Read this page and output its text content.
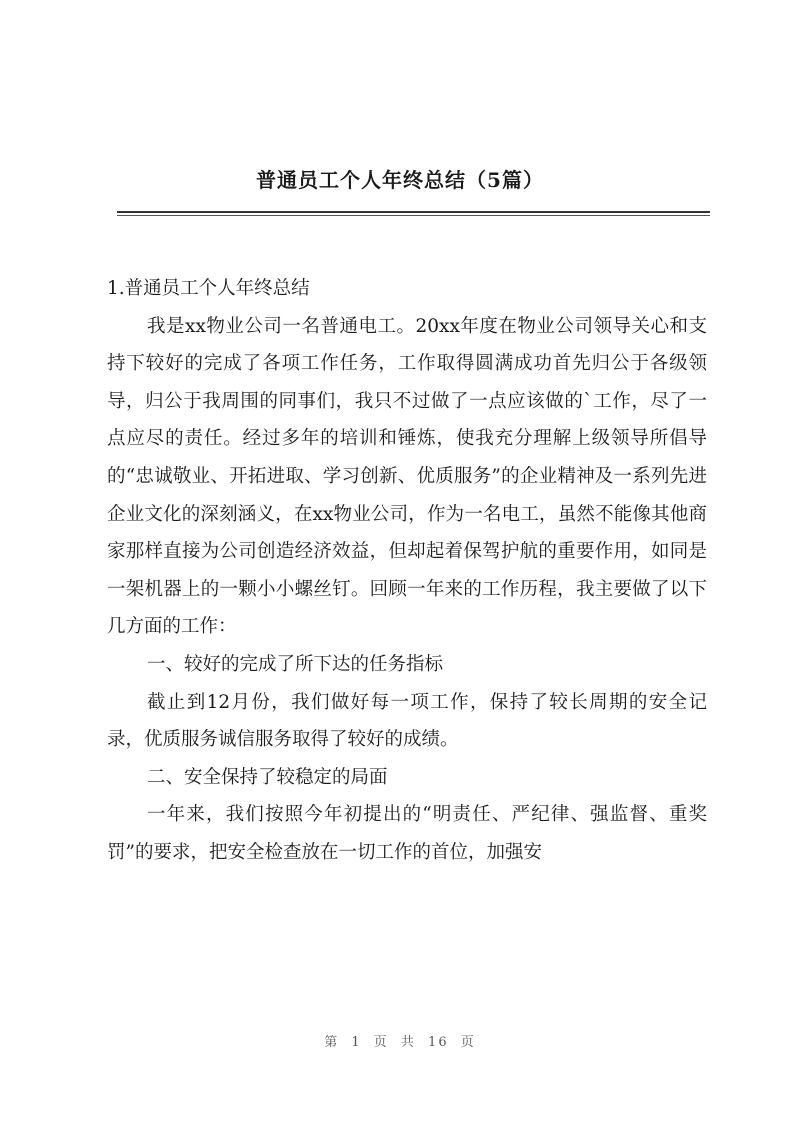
普通员工个人年终总结（5篇）

1.普通员工个人年终总结

我是xx物业公司一名普通电工。20xx年度在物业公司领导关心和支持下较好的完成了各项工作任务，工作取得圆满成功首先归公于各级领导，归公于我周围的同事们，我只不过做了一点应该做的`工作，尽了一点应尽的责任。经过多年的培训和锤炼，使我充分理解上级领导所倡导的“忠诚敬业、开拓进取、学习创新、优质服务”的企业精神及一系列先进企业文化的深刻涵义，在xx物业公司，作为一名电工，虽然不能像其他商家那样直接为公司创造经济效益，但却起着保驾护航的重要作用，如同是一架机器上的一颗小小螺丝钉。回顾一年来的工作历程，我主要做了以下几方面的工作：

一、较好的完成了所下达的任务指标

截止到12月份，我们做好每一项工作，保持了较长周期的安全记录，优质服务诚信服务取得了较好的成绩。

二、安全保持了较稳定的局面

一年来，我们按照今年初提出的“明责任、严纪律、强监督、重奖罚”的要求，把安全检查放在一切工作的首位，加强安

第 1 页 共 16 页
